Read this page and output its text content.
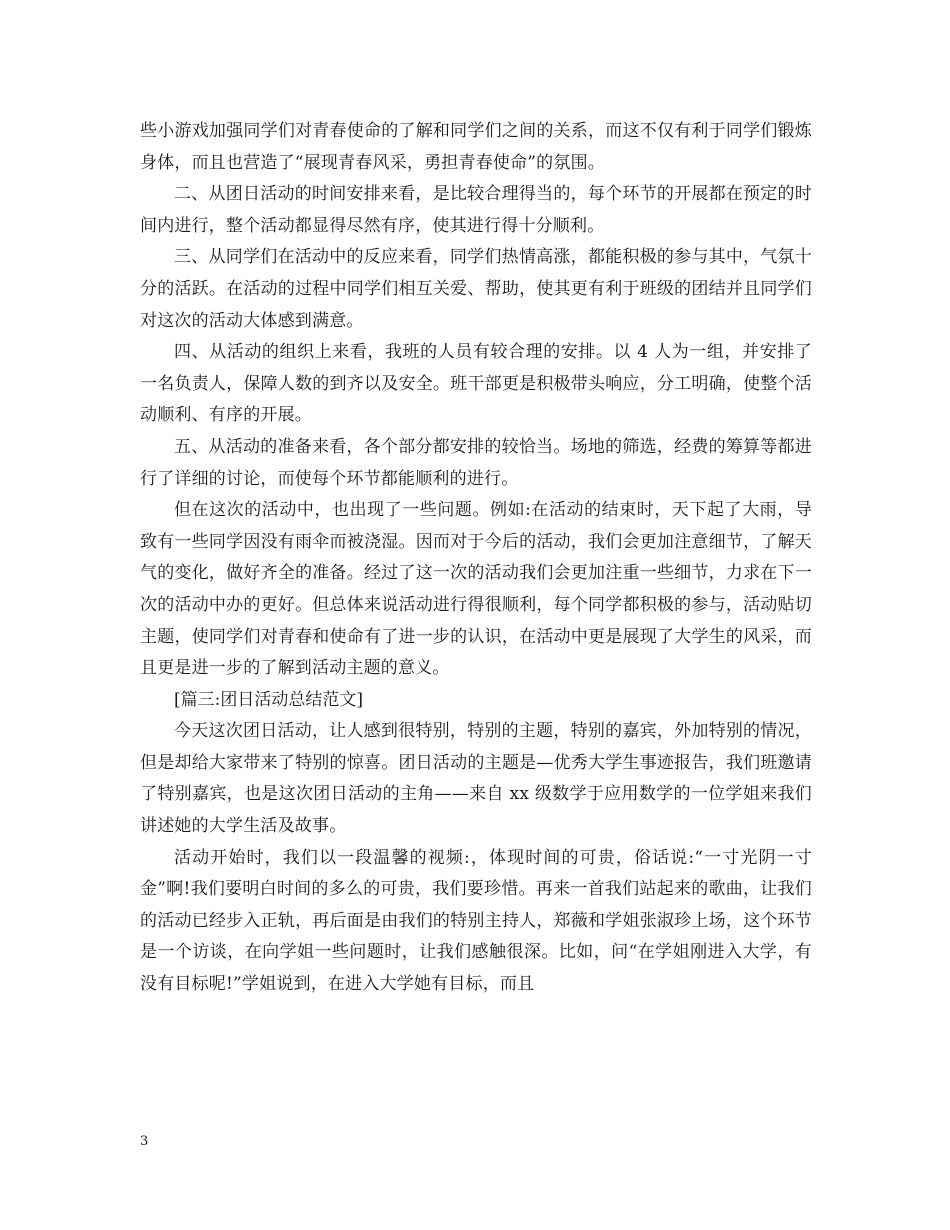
些小游戏加强同学们对青春使命的了解和同学们之间的关系，而这不仅有利于同学们锻炼身体，而且也营造了“展现青春风采，勇担青春使命”的氛围。

二、从团日活动的时间安排来看，是比较合理得当的，每个环节的开展都在预定的时间内进行，整个活动都显得尽然有序，使其进行得十分顺利。

三、从同学们在活动中的反应来看，同学们热情高涨，都能积极的参与其中，气氛十分的活跃。在活动的过程中同学们相互关爱、帮助，使其更有利于班级的团结并且同学们对这次的活动大体感到满意。

四、从活动的组织上来看，我班的人员有较合理的安排。以 4 人为一组，并安排了一名负责人，保障人数的到齐以及安全。班干部更是积极带头响应，分工明确，使整个活动顺利、有序的开展。

五、从活动的准备来看，各个部分都安排的较恰当。场地的筛选，经费的筹算等都进行了详细的讨论，而使每个环节都能顺利的进行。

但在这次的活动中，也出现了一些问题。例如:在活动的结束时，天下起了大雨，导致有一些同学因没有雨伞而被浇湿。因而对于今后的活动，我们会更加注意细节，了解天气的变化，做好齐全的准备。经过了这一次的活动我们会更加注重一些细节，力求在下一次的活动中办的更好。但总体来说活动进行得很顺利，每个同学都积极的参与，活动贴切主题，使同学们对青春和使命有了进一步的认识，在活动中更是展现了大学生的风采，而且更是进一步的了解到活动主题的意义。

[篇三:团日活动总结范文]

今天这次团日活动，让人感到很特别，特别的主题，特别的嘉宾，外加特别的情况，但是却给大家带来了特别的惊喜。团日活动的主题是—优秀大学生事迹报告，我们班邀请了特别嘉宾，也是这次团日活动的主角——来自 xx 级数学于应用数学的一位学姐来我们讲述她的大学生活及故事。

活动开始时，我们以一段温馨的视频:，体现时间的可贵，俗话说:“一寸光阴一寸金”啊!我们要明白时间的多么的可贵，我们要珍惜。再来一首我们站起来的歌曲，让我们的活动已经步入正轨，再后面是由我们的特别主持人，郑薇和学姐张淑珍上场，这个环节是一个访谈，在向学姐一些问题时，让我们感触很深。比如，问“在学姐刚进入大学，有没有目标呢!”学姐说到，在进入大学她有目标，而且

3
